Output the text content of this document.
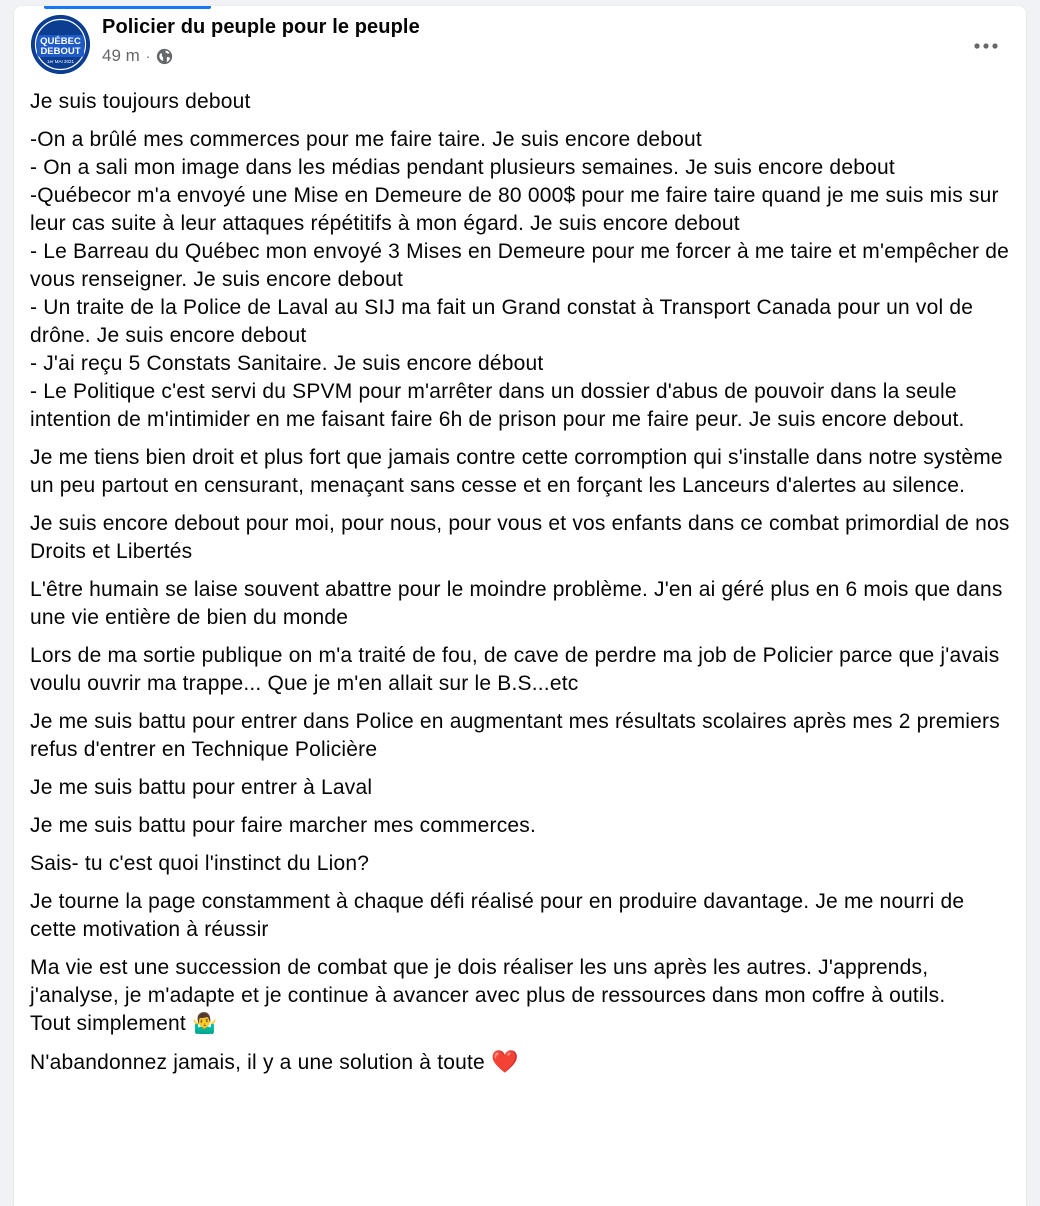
QUÉBEC
DEBOUT
1er MAI 2021
Policier du peuple pour le peuple
49 m ·

Je suis toujours debout

-On a brûlé mes commerces pour me faire taire. Je suis encore debout

- On a sali mon image dans les médias pendant plusieurs semaines. Je suis encore debout

-Québecor m'a envoyé une Mise en Demeure de 80 000$ pour me faire taire quand je me suis mis sur leur cas suite à leur attaques répétitifs à mon égard. Je suis encore debout

- Le Barreau du Québec mon envoyé 3 Mises en Demeure pour me forcer à me taire et m'empêcher de vous renseigner. Je suis encore debout

- Un traite de la Police de Laval au SIJ ma fait un Grand constat à Transport Canada pour un vol de drône. Je suis encore debout

- J'ai reçu 5 Constats Sanitaire. Je suis encore débout

- Le Politique c'est servi du SPVM pour m'arrêter dans un dossier d'abus de pouvoir dans la seule intention de m'intimider en me faisant faire 6h de prison pour me faire peur. Je suis encore debout.

Je me tiens bien droit et plus fort que jamais contre cette corromption qui s'installe dans notre système un peu partout en censurant, menaçant sans cesse et en forçant les Lanceurs d'alertes au silence.

Je suis encore debout pour moi, pour nous, pour vous et vos enfants dans ce combat primordial de nos Droits et Libertés

L'être humain se laise souvent abattre pour le moindre problème. J'en ai géré plus en 6 mois que dans une vie entière de bien du monde

Lors de ma sortie publique on m'a traité de fou, de cave de perdre ma job de Policier parce que j'avais voulu ouvrir ma trappe... Que je m'en allait sur le B.S...etc

Je me suis battu pour entrer dans Police en augmentant mes résultats scolaires après mes 2 premiers refus d'entrer en Technique Policière

Je me suis battu pour entrer à Laval

Je me suis battu pour faire marcher mes commerces.

Sais- tu c'est quoi l'instinct du Lion?

Je tourne la page constamment à chaque défi réalisé pour en produire davantage. Je me nourri de cette motivation à réussir

Ma vie est une succession de combat que je dois réaliser les uns après les autres. J'apprends, j'analyse, je m'adapte et je continue à avancer avec plus de ressources dans mon coffre à outils.

Tout simplement 🤷‍♂️

N'abandonnez jamais, il y a une solution à toute ❤️
